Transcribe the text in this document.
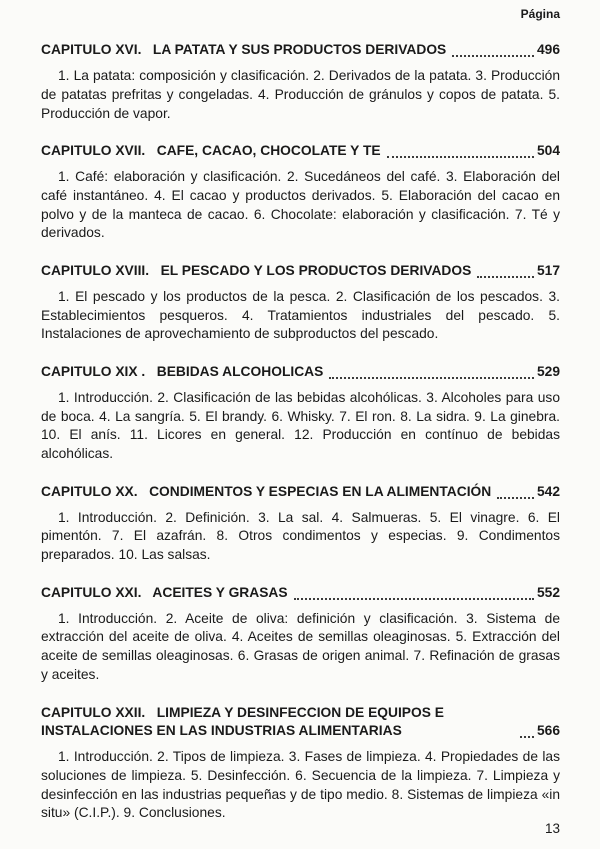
Página

CAPITULO XVI.   LA PATATA Y SUS PRODUCTOS DERIVADOS	496

1. La patata: composición y clasificación. 2. Derivados de la patata. 3. Producción de patatas prefritas y congeladas. 4. Producción de gránulos y copos de patata. 5. Producción de vapor.

CAPITULO XVII.   CAFE, CACAO, CHOCOLATE Y TE	504

1. Café: elaboración y clasificación. 2. Sucedáneos del café. 3. Elaboración del café instantáneo. 4. El cacao y productos derivados. 5. Elaboración del cacao en polvo y de la manteca de cacao. 6. Chocolate: elaboración y clasificación. 7. Té y derivados.

CAPITULO XVIII.   EL PESCADO Y LOS PRODUCTOS DERIVADOS	517

1. El pescado y los productos de la pesca. 2. Clasificación de los pescados. 3. Establecimientos pesqueros. 4. Tratamientos industriales del pescado. 5. Instalaciones de aprovechamiento de subproductos del pescado.

CAPITULO XIX .   BEBIDAS ALCOHOLICAS	529

1. Introducción. 2. Clasificación de las bebidas alcohólicas. 3. Alcoholes para uso de boca. 4. La sangría. 5. El brandy. 6. Whisky. 7. El ron. 8. La sidra. 9. La ginebra. 10. El anís. 11. Licores en general. 12. Producción en contínuo de bebidas alcohólicas.

CAPITULO XX.   CONDIMENTOS Y ESPECIAS EN LA ALIMENTACIÓN	542

1. Introducción. 2. Definición. 3. La sal. 4. Salmueras. 5. El vinagre. 6. El pimentón. 7. El azafrán. 8. Otros condimentos y especias. 9. Condimentos preparados. 10. Las salsas.

CAPITULO XXI.   ACEITES Y GRASAS	552

1. Introducción. 2. Aceite de oliva: definición y clasificación. 3. Sistema de extracción del aceite de oliva. 4. Aceites de semillas oleaginosas. 5. Extracción del aceite de semillas oleaginosas. 6. Grasas de origen animal. 7. Refinación de grasas y aceites.

CAPITULO XXII.   LIMPIEZA Y DESINFECCION DE EQUIPOS E INSTALACIONES EN LAS INDUSTRIAS ALIMENTARIAS	566

1. Introducción. 2. Tipos de limpieza. 3. Fases de limpieza. 4. Propiedades de las soluciones de limpieza. 5. Desinfección. 6. Secuencia de la limpieza. 7. Limpieza y desinfección en las industrias pequeñas y de tipo medio. 8. Sistemas de limpieza «in situ» (C.I.P.). 9. Conclusiones.

13
